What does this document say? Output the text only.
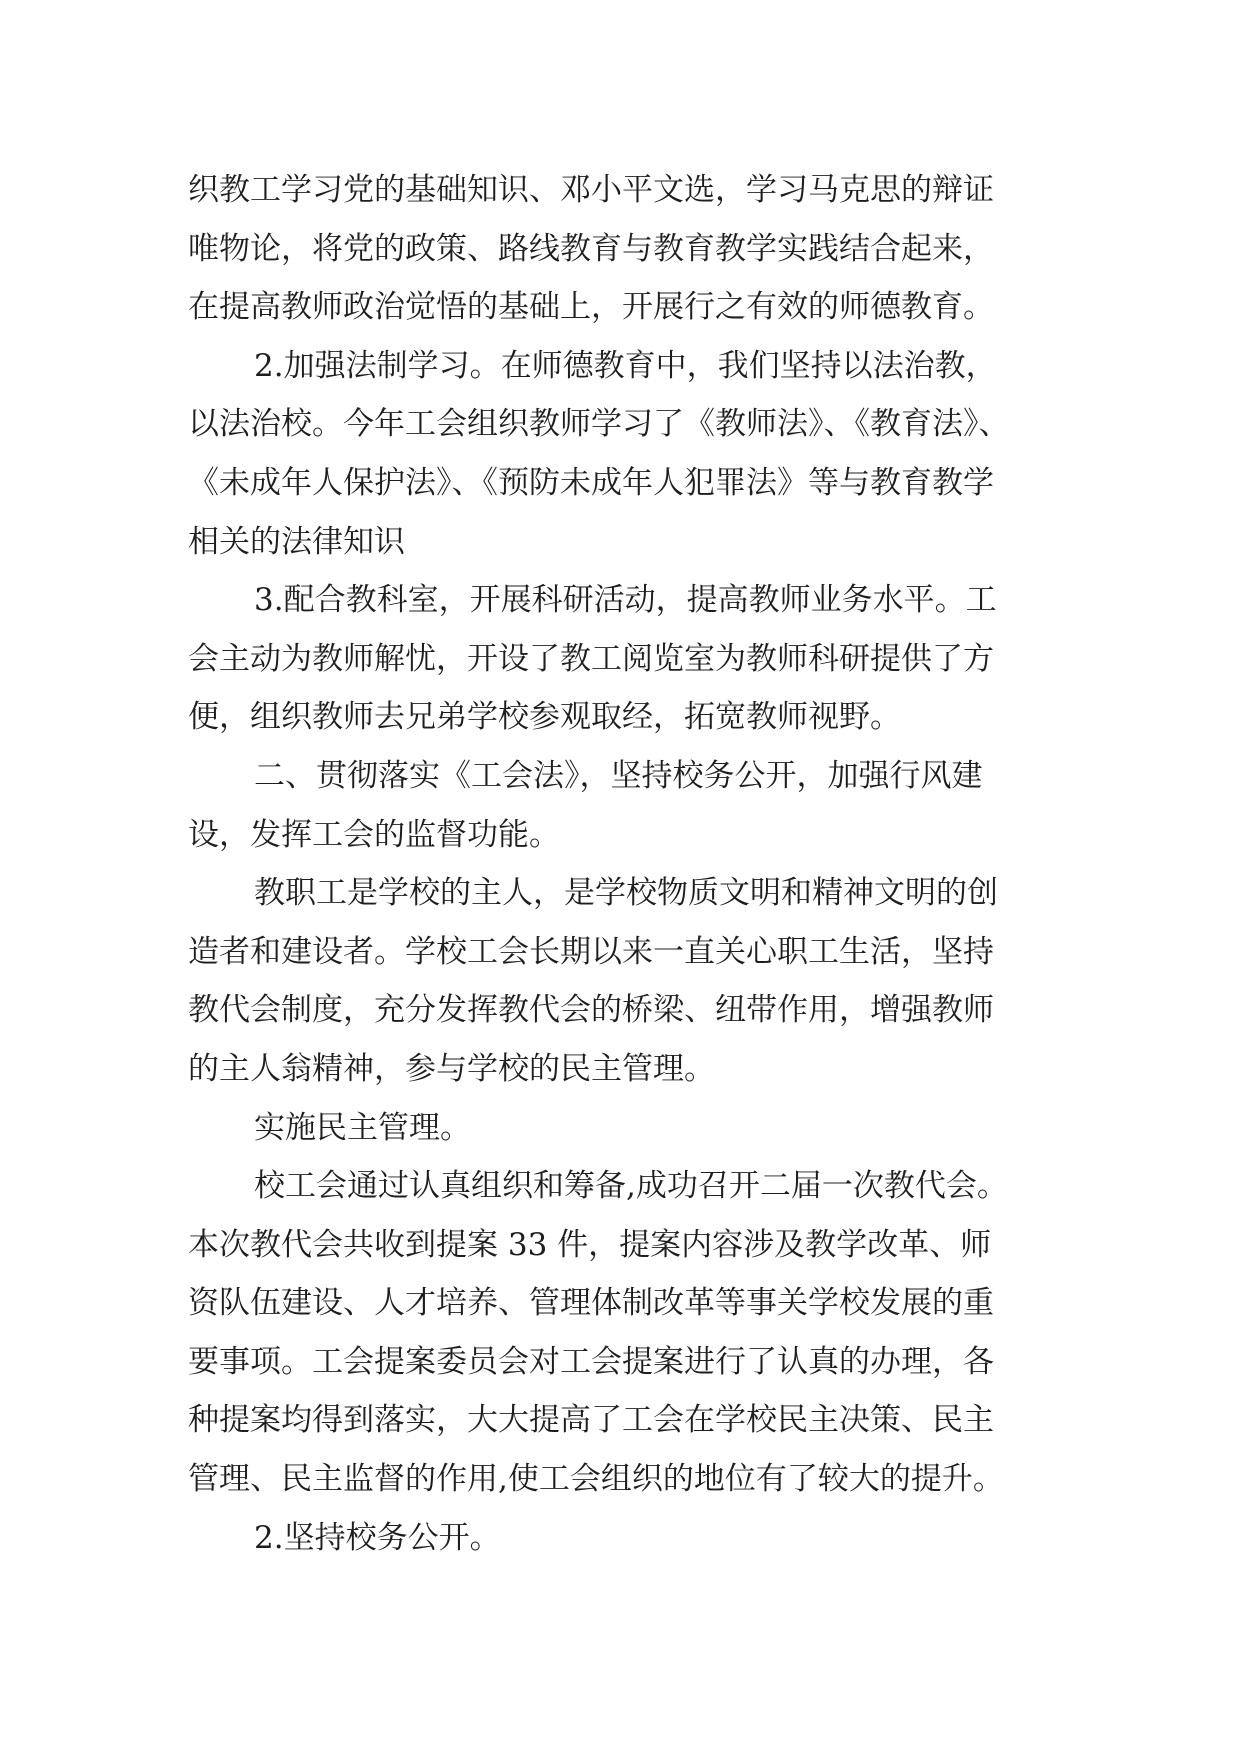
织教工学习党的基础知识、邓小平文选，学习马克思的辩证
唯物论，将党的政策、路线教育与教育教学实践结合起来，
在提高教师政治觉悟的基础上，开展行之有效的师德教育。
2.加强法制学习。在师德教育中，我们坚持以法治教，
以法治校。今年工会组织教师学习了《教师法》、《教育法》、
《未成年人保护法》、《预防未成年人犯罪法》等与教育教学
相关的法律知识
3.配合教科室，开展科研活动，提高教师业务水平。工
会主动为教师解忧，开设了教工阅览室为教师科研提供了方
便，组织教师去兄弟学校参观取经，拓宽教师视野。
二、贯彻落实《工会法》，坚持校务公开，加强行风建
设，发挥工会的监督功能。
教职工是学校的主人，是学校物质文明和精神文明的创
造者和建设者。学校工会长期以来一直关心职工生活，坚持
教代会制度，充分发挥教代会的桥梁、纽带作用，增强教师
的主人翁精神，参与学校的民主管理。
实施民主管理。
校工会通过认真组织和筹备,成功召开二届一次教代会。
本次教代会共收到提案 33 件，提案内容涉及教学改革、师
资队伍建设、人才培养、管理体制改革等事关学校发展的重
要事项。工会提案委员会对工会提案进行了认真的办理，各
种提案均得到落实，大大提高了工会在学校民主决策、民主
管理、民主监督的作用,使工会组织的地位有了较大的提升。
2.坚持校务公开。
